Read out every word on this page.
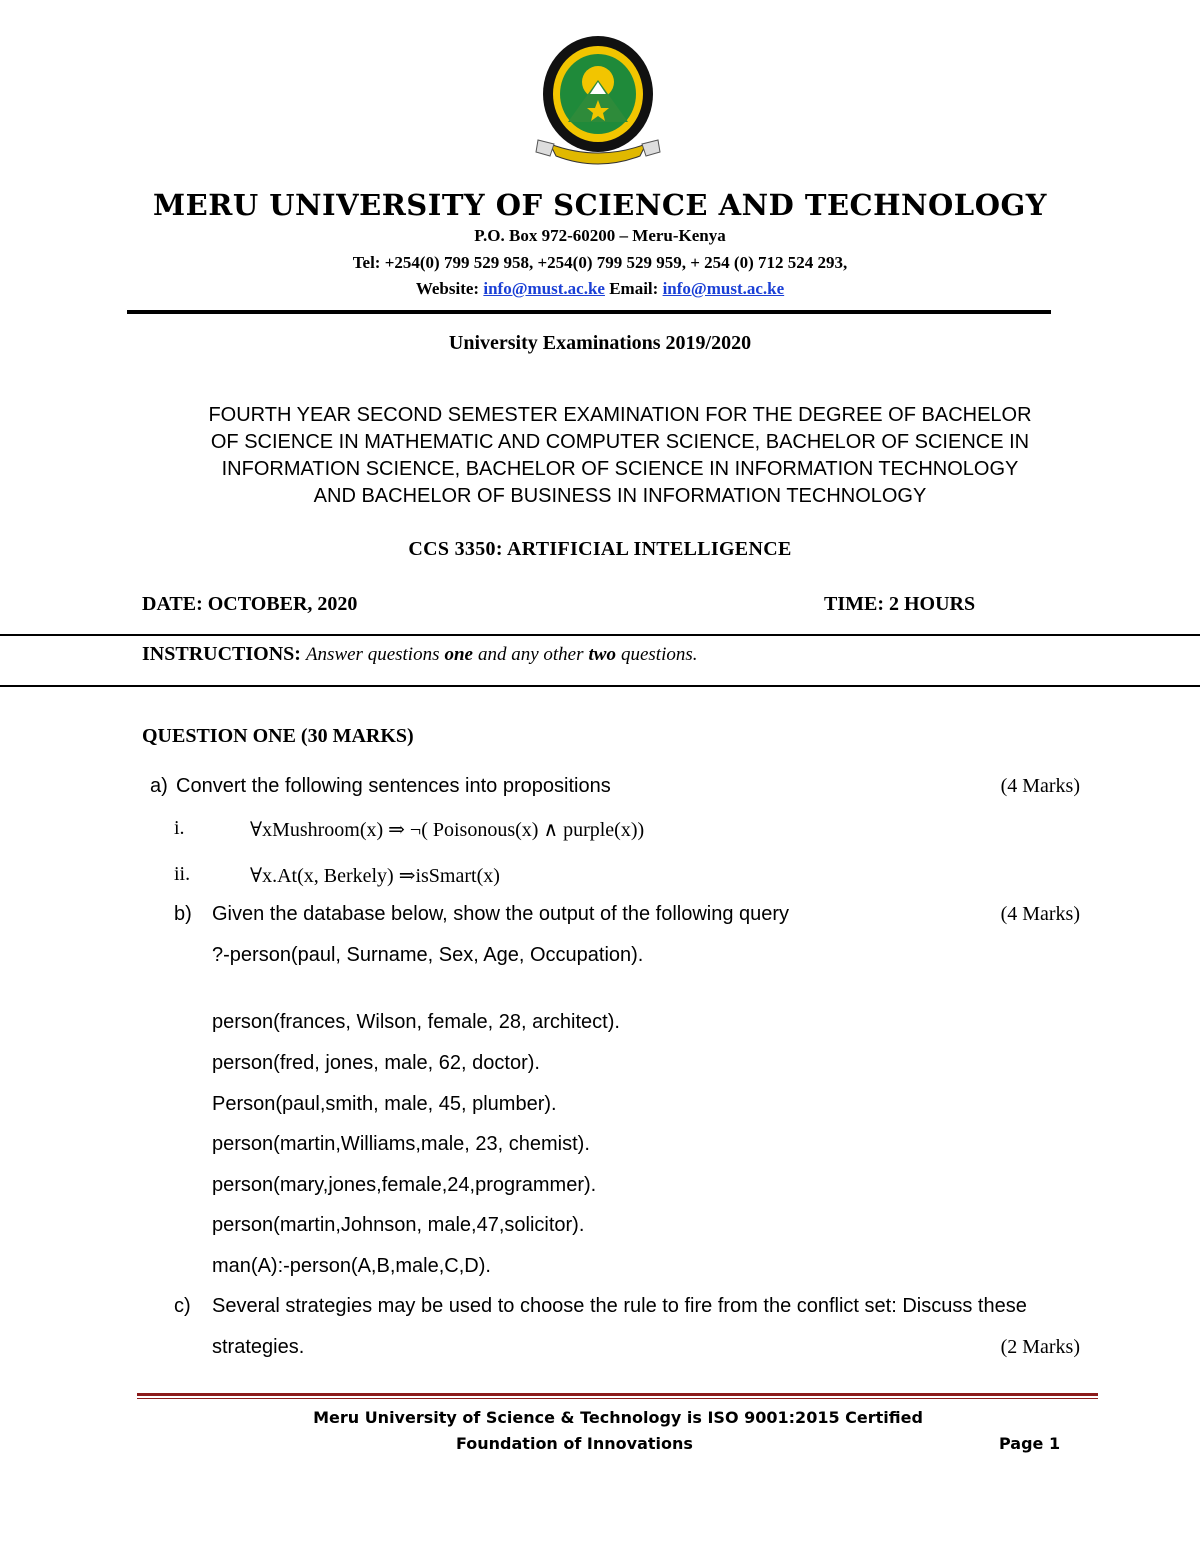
MERU UNIVERSITY OF SCIENCE AND TECHNOLOGY
P.O. Box 972-60200 – Meru-Kenya
Tel: +254(0) 799 529 958, +254(0) 799 529 959, + 254 (0) 712 524 293,
Website: info@must.ac.ke Email: info@must.ac.ke
University Examinations 2019/2020
FOURTH YEAR SECOND SEMESTER EXAMINATION FOR THE DEGREE OF BACHELOR
OF SCIENCE IN MATHEMATIC AND COMPUTER SCIENCE, BACHELOR OF SCIENCE IN
INFORMATION SCIENCE, BACHELOR OF SCIENCE IN INFORMATION TECHNOLOGY
AND BACHELOR OF BUSINESS IN INFORMATION TECHNOLOGY
CCS 3350: ARTIFICIAL INTELLIGENCE
DATE: OCTOBER, 2020	TIME: 2 HOURS
INSTRUCTIONS: Answer questions one and any other two questions.
QUESTION ONE (30 MARKS)
a) Convert the following sentences into propositions	(4 Marks)
i.	∀xMushroom(x) ⇒ ¬( Poisonous(x) ∧ purple(x))
ii.	∀x.At(x, Berkely) ⇒isSmart(x)
b) Given the database below, show the output of the following query	(4 Marks)
?-person(paul, Surname, Sex, Age, Occupation).
person(frances, Wilson, female, 28, architect).
person(fred, jones, male, 62, doctor).
Person(paul,smith, male, 45, plumber).
person(martin,Williams,male, 23, chemist).
person(mary,jones,female,24,programmer).
person(martin,Johnson, male,47,solicitor).
man(A):-person(A,B,male,C,D).
c) Several strategies may be used to choose the rule to fire from the conflict set: Discuss these
strategies.	(2 Marks)
Meru University of Science & Technology is ISO 9001:2015 Certified
Foundation of Innovations	Page 1
